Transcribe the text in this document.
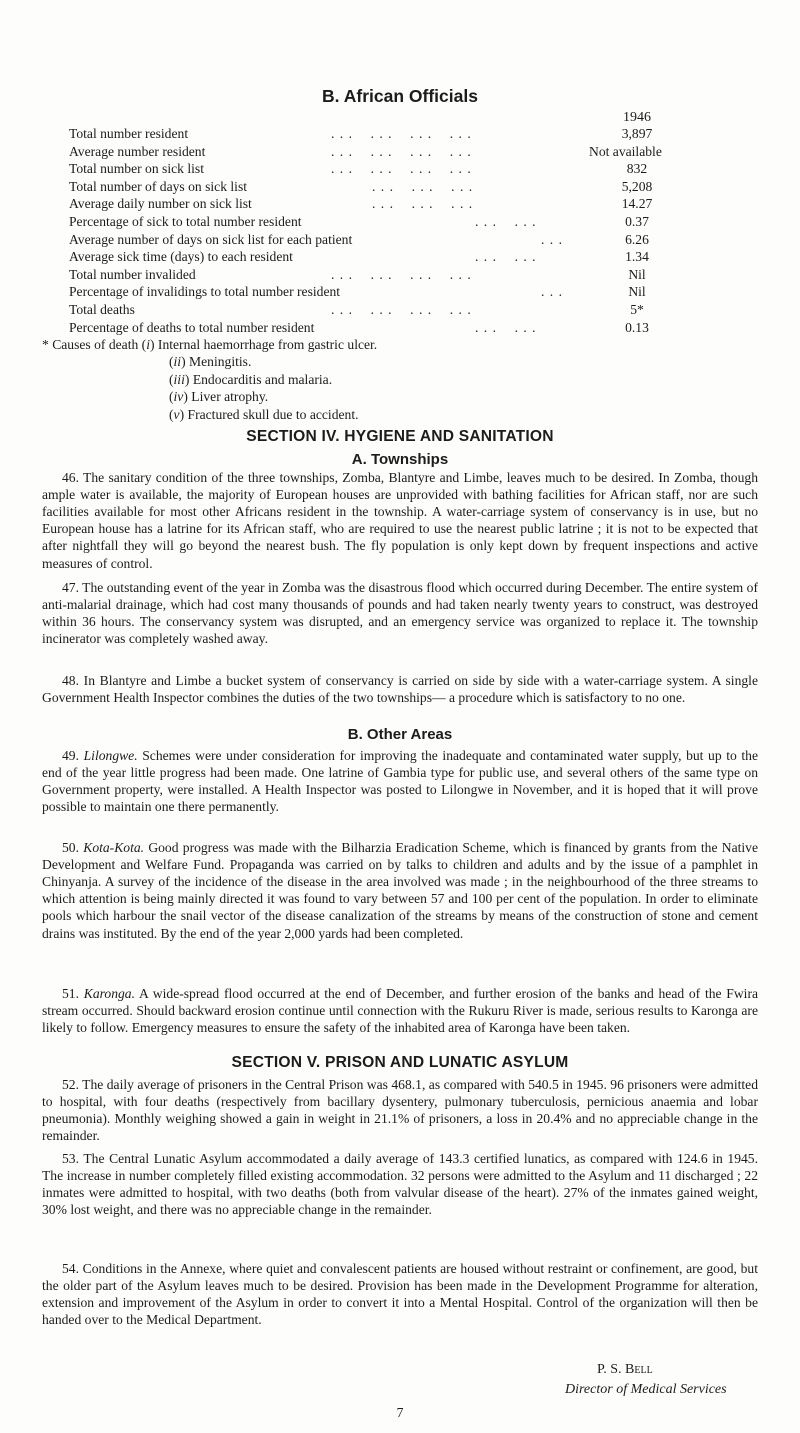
B. African Officials
1946
Total number resident	. . .    . . .    . . .    . . .	3,897
Average number resident	. . .    . . .    . . .    . . .	Not available
Total number on sick list	. . .    . . .    . . .    . . .	832
Total number of days on sick list	. . .    . . .    . . .	5,208
Average daily number on sick list	. . .    . . .    . . .	14.27
Percentage of sick to total number resident	. . .    . . .	0.37
Average number of days on sick list for each patient	. . .	6.26
Average sick time (days) to each resident	. . .    . . .	1.34
Total number invalided	. . .    . . .    . . .    . . .	Nil
Percentage of invalidings to total number resident	. . .	Nil
Total deaths	. . .    . . .    . . .    . . .	5*
Percentage of deaths to total number resident	. . .    . . .	0.13
* Causes of death (i) Internal haemorrhage from gastric ulcer.
(ii) Meningitis.
(iii) Endocarditis and malaria.
(iv) Liver atrophy.
(v) Fractured skull due to accident.
SECTION IV. HYGIENE AND SANITATION
A. Townships

46. The sanitary condition of the three townships, Zomba, Blantyre and Limbe, leaves much to be desired. In Zomba, though ample water is available, the majority of European houses are unprovided with bathing facilities for African staff, nor are such facilities available for most other Africans resident in the township. A water-carriage system of conservancy is in use, but no European house has a latrine for its African staff, who are required to use the nearest public latrine ; it is not to be expected that after nightfall they will go beyond the nearest bush. The fly population is only kept down by frequent inspections and active measures of control.

47. The outstanding event of the year in Zomba was the disastrous flood which occurred during December. The entire system of anti-malarial drainage, which had cost many thousands of pounds and had taken nearly twenty years to construct, was destroyed within 36 hours. The conservancy system was disrupted, and an emergency service was organized to replace it. The township incinerator was completely washed away.

48. In Blantyre and Limbe a bucket system of conservancy is carried on side by side with a water-carriage system. A single Government Health Inspector combines the duties of the two townships— a procedure which is satisfactory to no one.

B. Other Areas

49. Lilongwe. Schemes were under consideration for improving the inadequate and contaminated water supply, but up to the end of the year little progress had been made. One latrine of Gambia type for public use, and several others of the same type on Government property, were installed. A Health Inspector was posted to Lilongwe in November, and it is hoped that it will prove possible to maintain one there permanently.

50. Kota-Kota. Good progress was made with the Bilharzia Eradication Scheme, which is financed by grants from the Native Development and Welfare Fund. Propaganda was carried on by talks to children and adults and by the issue of a pamphlet in Chinyanja. A survey of the incidence of the disease in the area involved was made ; in the neighbourhood of the three streams to which attention is being mainly directed it was found to vary between 57 and 100 per cent of the population. In order to eliminate pools which harbour the snail vector of the disease canalization of the streams by means of the construction of stone and cement drains was instituted. By the end of the year 2,000 yards had been completed.

51. Karonga. A wide-spread flood occurred at the end of December, and further erosion of the banks and head of the Fwira stream occurred. Should backward erosion continue until connection with the Rukuru River is made, serious results to Karonga are likely to follow. Emergency measures to ensure the safety of the inhabited area of Karonga have been taken.

SECTION V. PRISON AND LUNATIC ASYLUM

52. The daily average of prisoners in the Central Prison was 468.1, as compared with 540.5 in 1945. 96 prisoners were admitted to hospital, with four deaths (respectively from bacillary dysentery, pulmonary tuberculosis, pernicious anaemia and lobar pneumonia). Monthly weighing showed a gain in weight in 21.1% of prisoners, a loss in 20.4% and no appreciable change in the remainder.

53. The Central Lunatic Asylum accommodated a daily average of 143.3 certified lunatics, as compared with 124.6 in 1945. The increase in number completely filled existing accommodation. 32 persons were admitted to the Asylum and 11 discharged ; 22 inmates were admitted to hospital, with two deaths (both from valvular disease of the heart). 27% of the inmates gained weight, 30% lost weight, and there was no appreciable change in the remainder.

54. Conditions in the Annexe, where quiet and convalescent patients are housed without restraint or confinement, are good, but the older part of the Asylum leaves much to be desired. Provision has been made in the Development Programme for alteration, extension and improvement of the Asylum in order to convert it into a Mental Hospital. Control of the organization will then be handed over to the Medical Department.

P. S. Bell
Director of Medical Services
7
